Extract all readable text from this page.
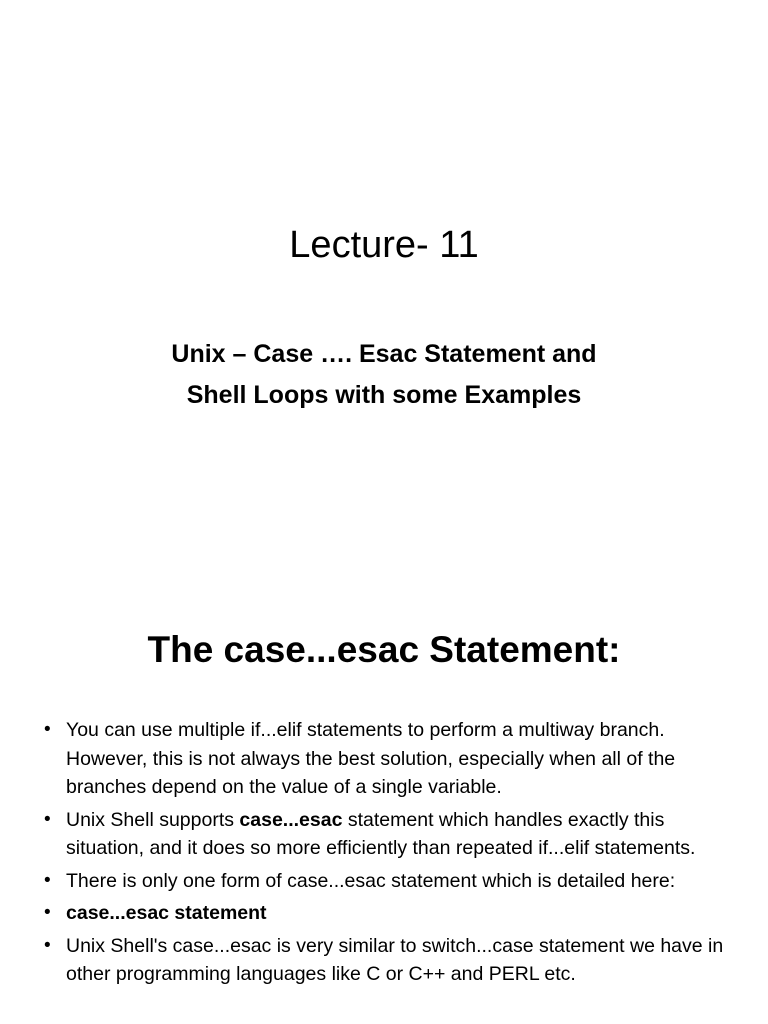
Lecture- 11
Unix – Case …. Esac Statement and
Shell Loops with some Examples
The case...esac Statement:
• You can use multiple if...elif statements to perform a multiway branch. However, this is not always the best solution, especially when all of the branches depend on the value of a single variable.
• Unix Shell supports case...esac statement which handles exactly this situation, and it does so more efficiently than repeated if...elif statements.
• There is only one form of case...esac statement which is detailed here:
• case...esac statement
• Unix Shell's case...esac is very similar to switch...case statement we have in other programming languages like C or C++ and PERL etc.
